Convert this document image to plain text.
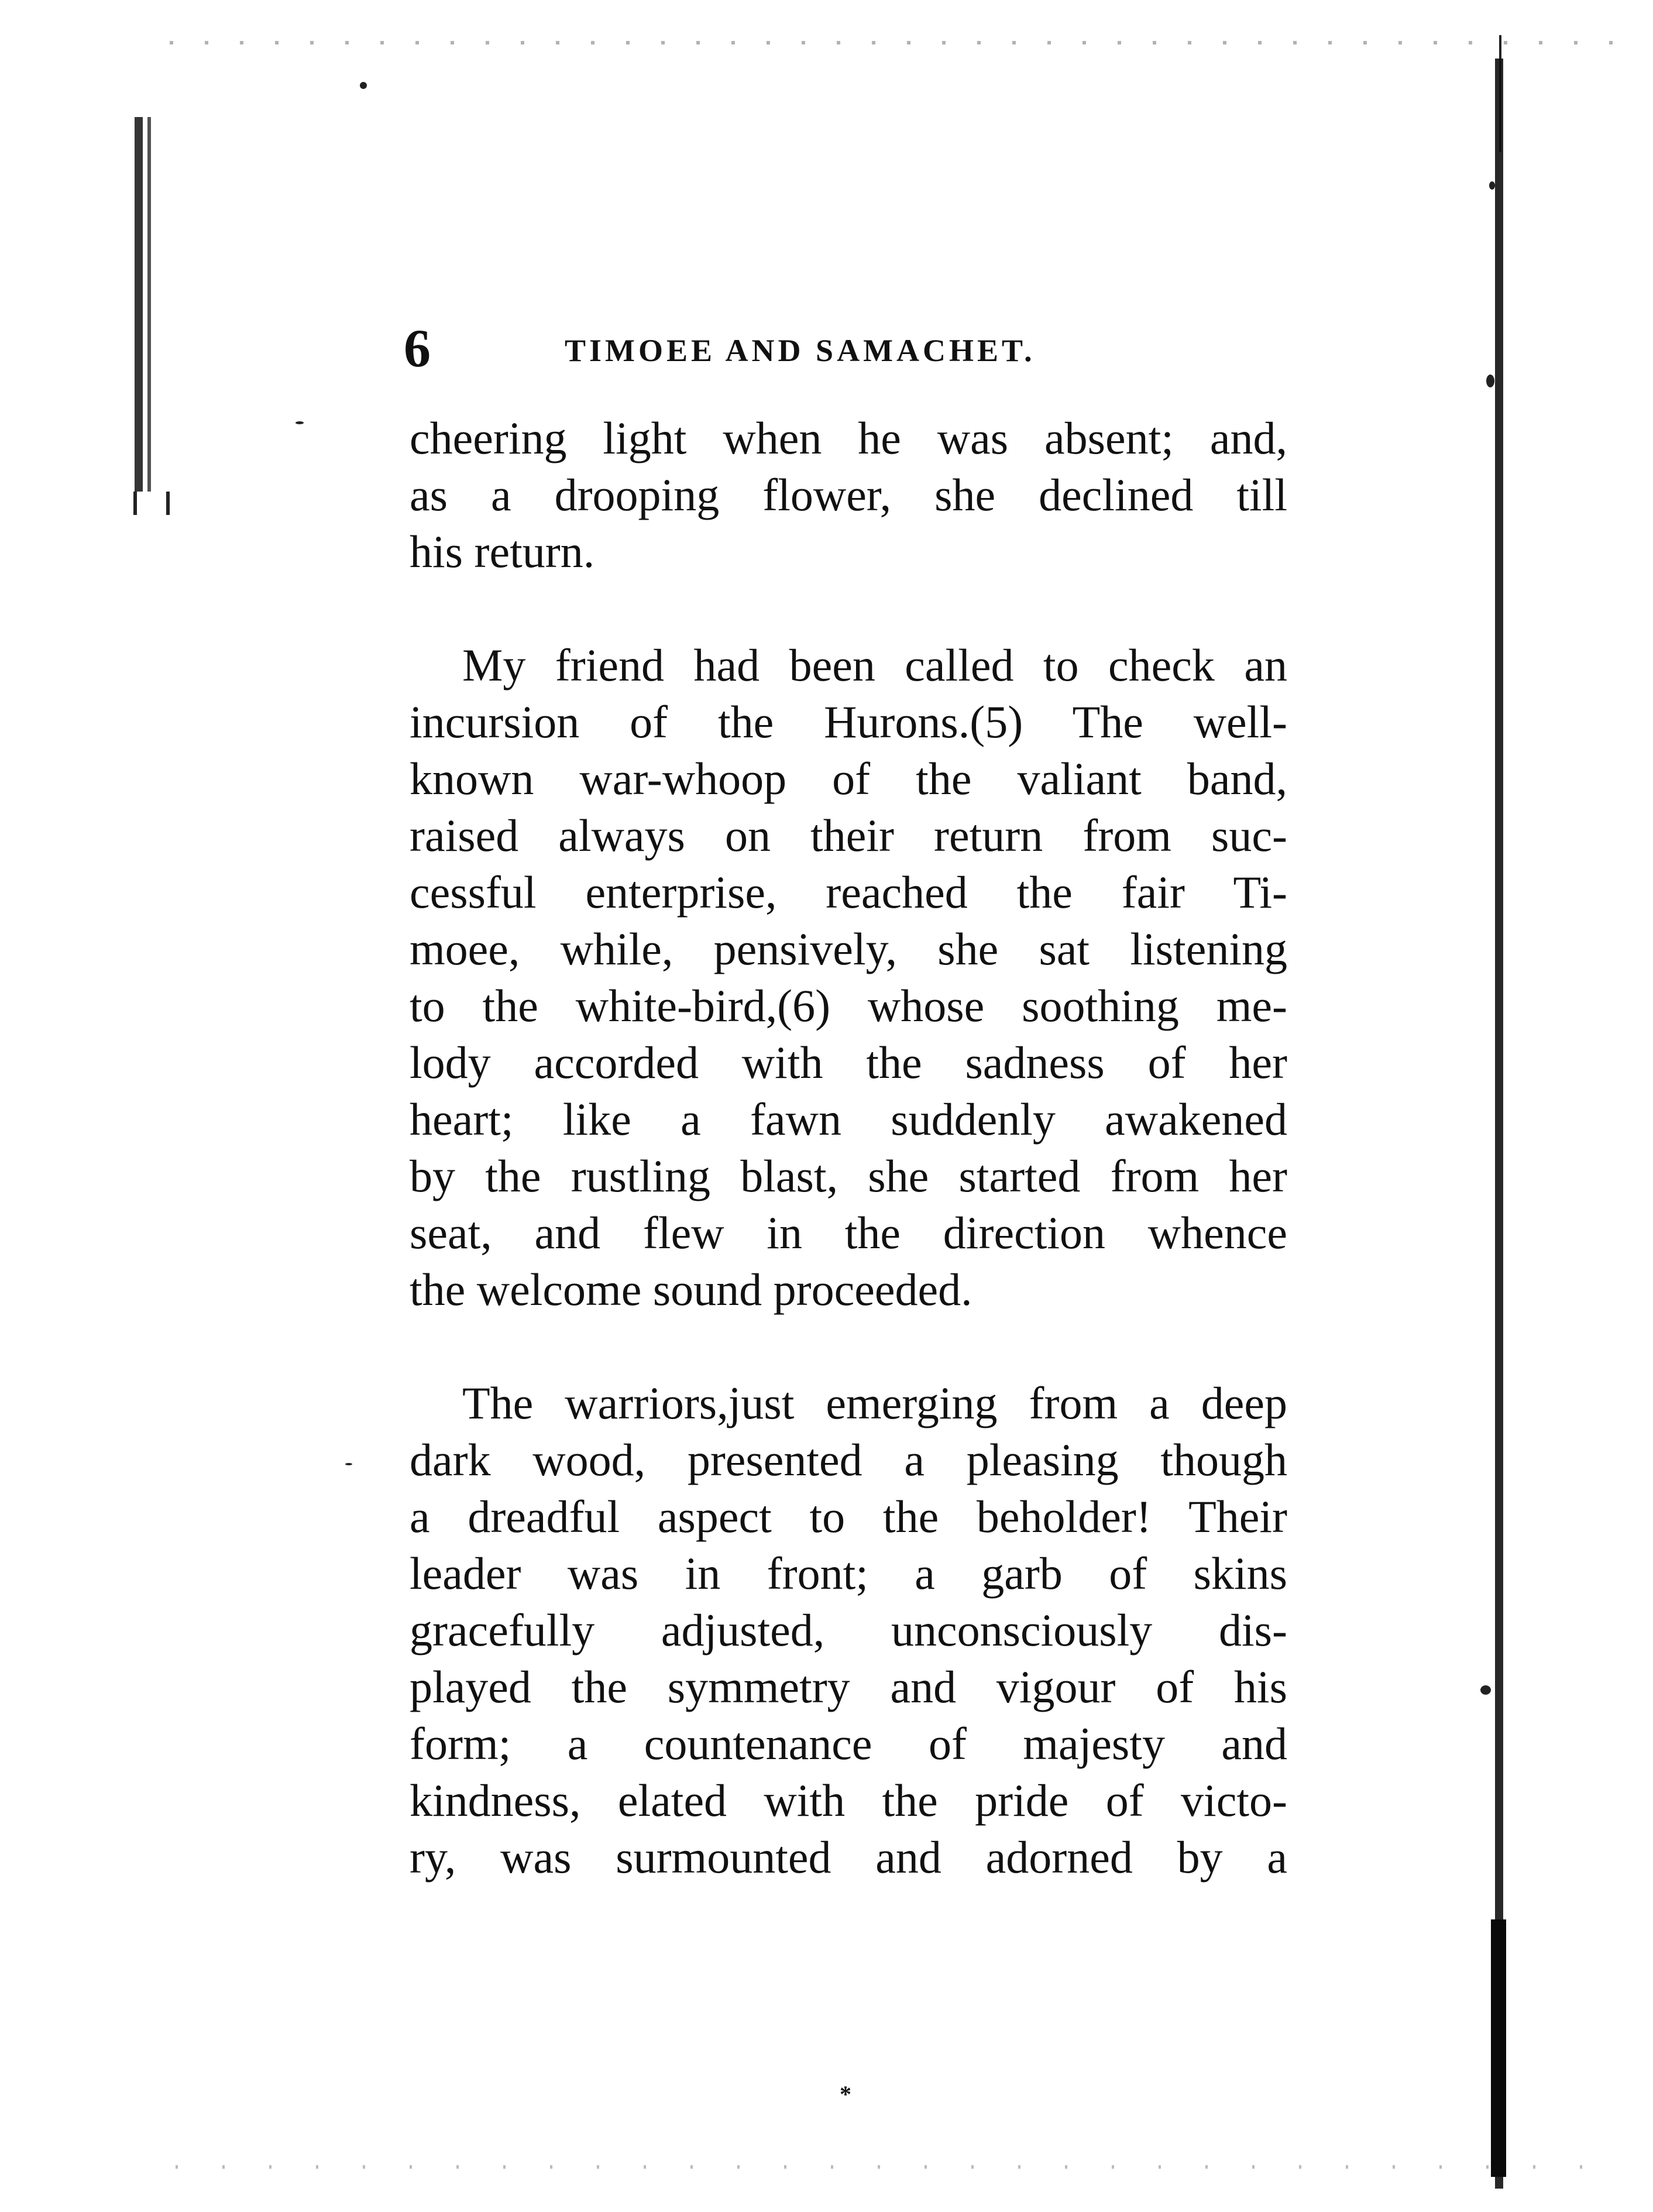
6	TIMOEE AND SAMACHET.

cheering light when he was absent; and,
as a drooping flower, she declined till
his return.

My friend had been called to check an
incursion of the Hurons.(5) The well-
known war-whoop of the valiant band,
raised always on their return from suc-
cessful enterprise, reached the fair Ti-
moee, while, pensively, she sat listening
to the white-bird,(6) whose soothing me-
lody accorded with the sadness of her
heart; like a fawn suddenly awakened
by the rustling blast, she started from her
seat, and flew in the direction whence
the welcome sound proceeded.

The warriors,just emerging from a deep
dark wood, presented a pleasing though
a dreadful aspect to the beholder! Their
leader was in front; a garb of skins
gracefully adjusted, unconsciously dis-
played the symmetry and vigour of his
form; a countenance of majesty and
kindness, elated with the pride of victo-
ry, was surmounted and adorned by a

*
